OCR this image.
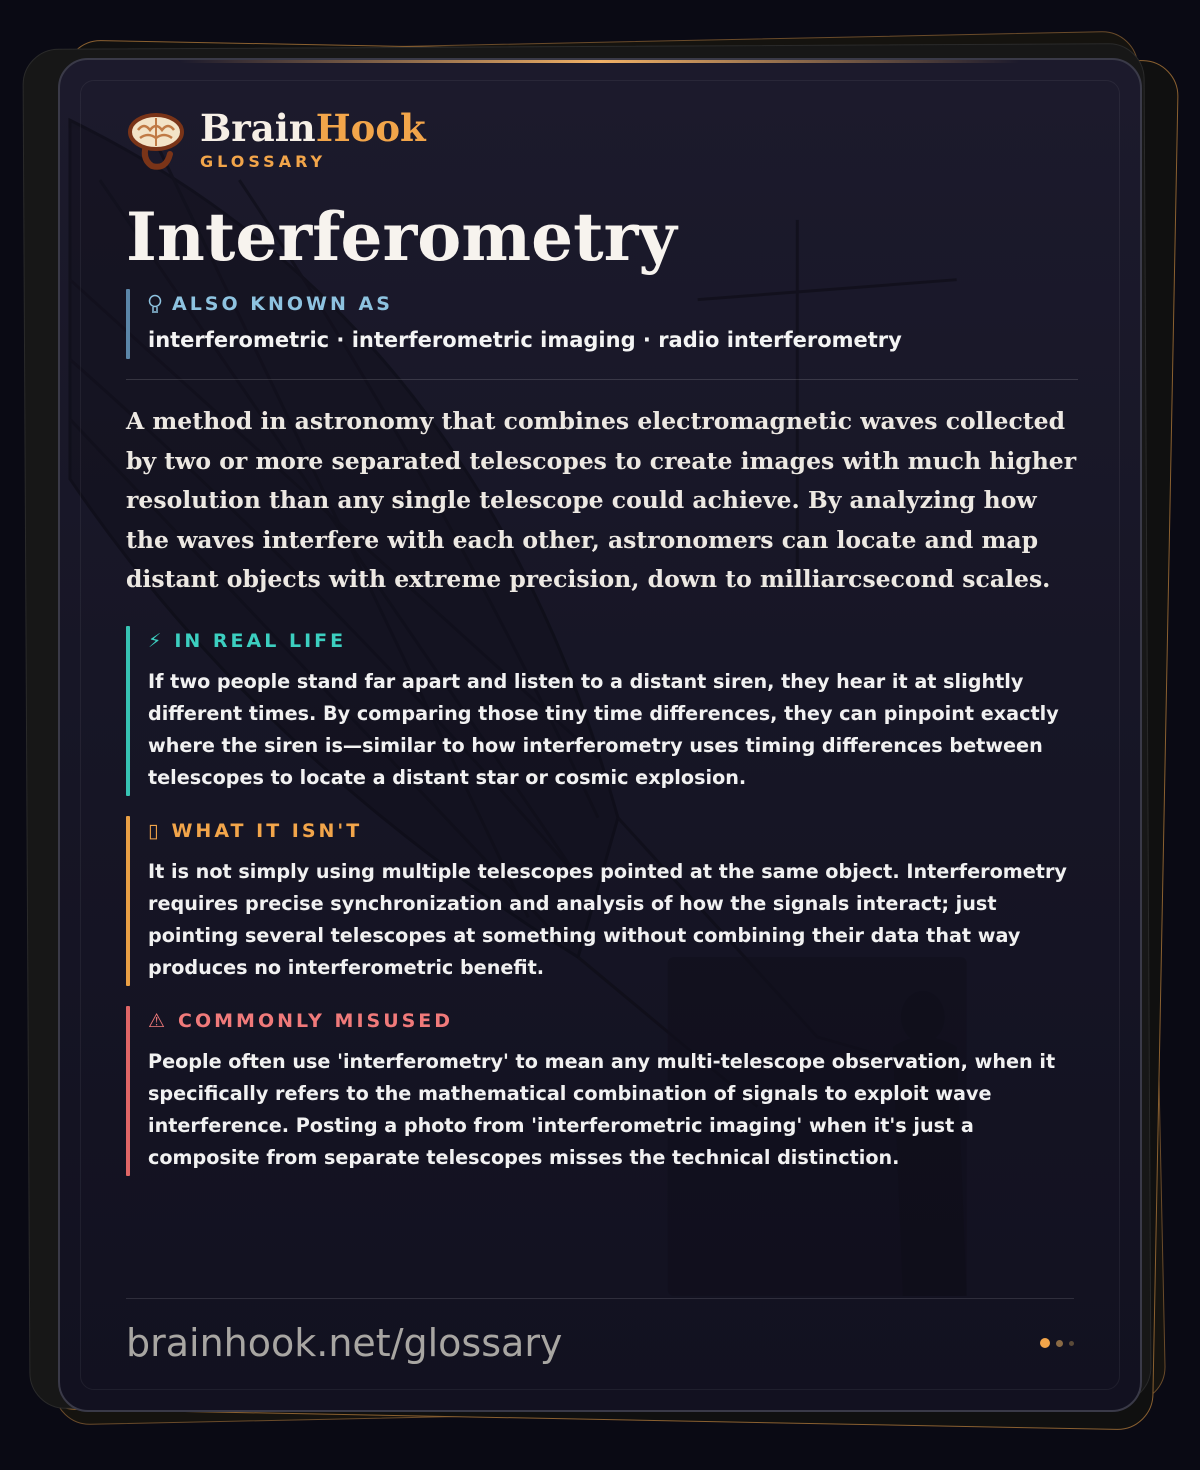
BrainHook
GLOSSARY
Interferometry
ALSO KNOWN AS
interferometric · interferometric imaging · radio interferometry

A method in astronomy that combines electromagnetic waves collected by two or more separated telescopes to create images with much higher resolution than any single telescope could achieve. By analyzing how the waves interfere with each other, astronomers can locate and map distant objects with extreme precision, down to milliarcsecond scales.

⚡ IN REAL LIFE
If two people stand far apart and listen to a distant siren, they hear it at slightly different times. By comparing those tiny time differences, they can pinpoint exactly where the siren is—similar to how interferometry uses timing differences between telescopes to locate a distant star or cosmic explosion.
▯ WHAT IT ISN'T
It is not simply using multiple telescopes pointed at the same object. Interferometry requires precise synchronization and analysis of how the signals interact; just pointing several telescopes at something without combining their data that way produces no interferometric benefit.
⚠ COMMONLY MISUSED
People often use 'interferometry' to mean any multi-telescope observation, when it specifically refers to the mathematical combination of signals to exploit wave interference. Posting a photo from 'interferometric imaging' when it's just a composite from separate telescopes misses the technical distinction.
brainhook.net/glossary
